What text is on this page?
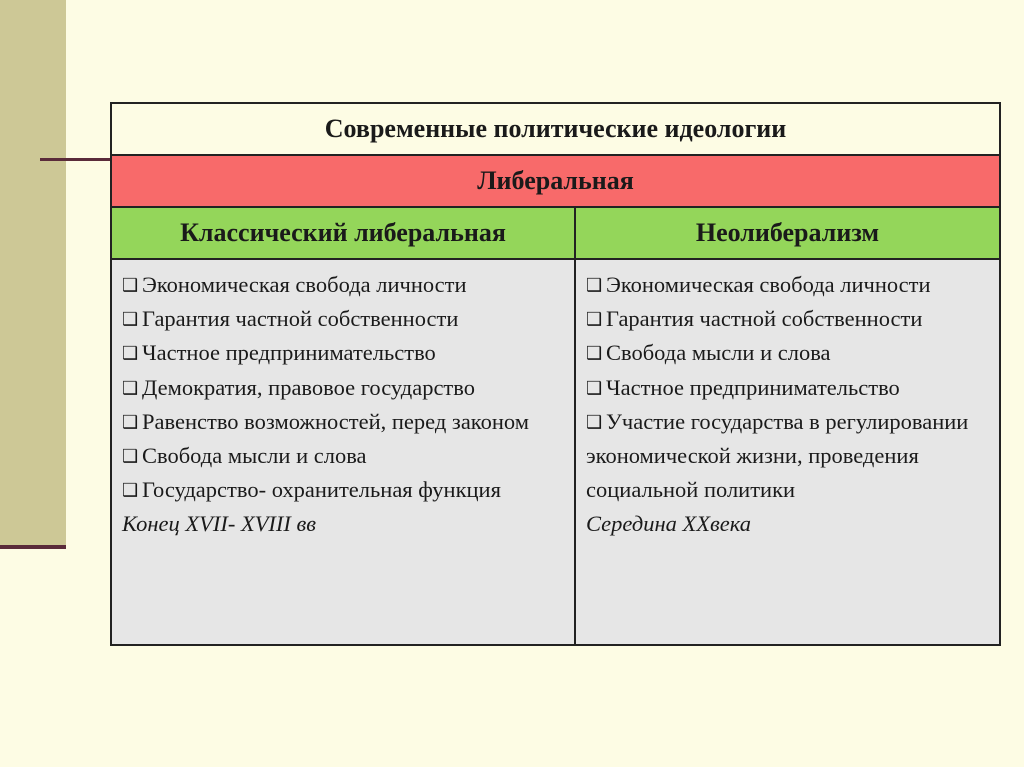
Современные политические идеологии
Либеральная
Классический либеральная	Неолиберализм

❑ Экономическая свобода личности

❑ Гарантия частной собственности

❑ Частное предпринимательство

❑ Демократия, правовое государство

❑ Равенство возможностей, перед законом

❑ Свобода мысли и слова

❑ Государство- охранительная функция

Конец XVII- XVIII вв

❑ Экономическая свобода личности

❑ Гарантия частной собственности

❑ Свобода мысли и слова

❑ Частное предпринимательство

❑ Участие государства в регулировании экономической жизни, проведения социальной политики

Середина XXвека
